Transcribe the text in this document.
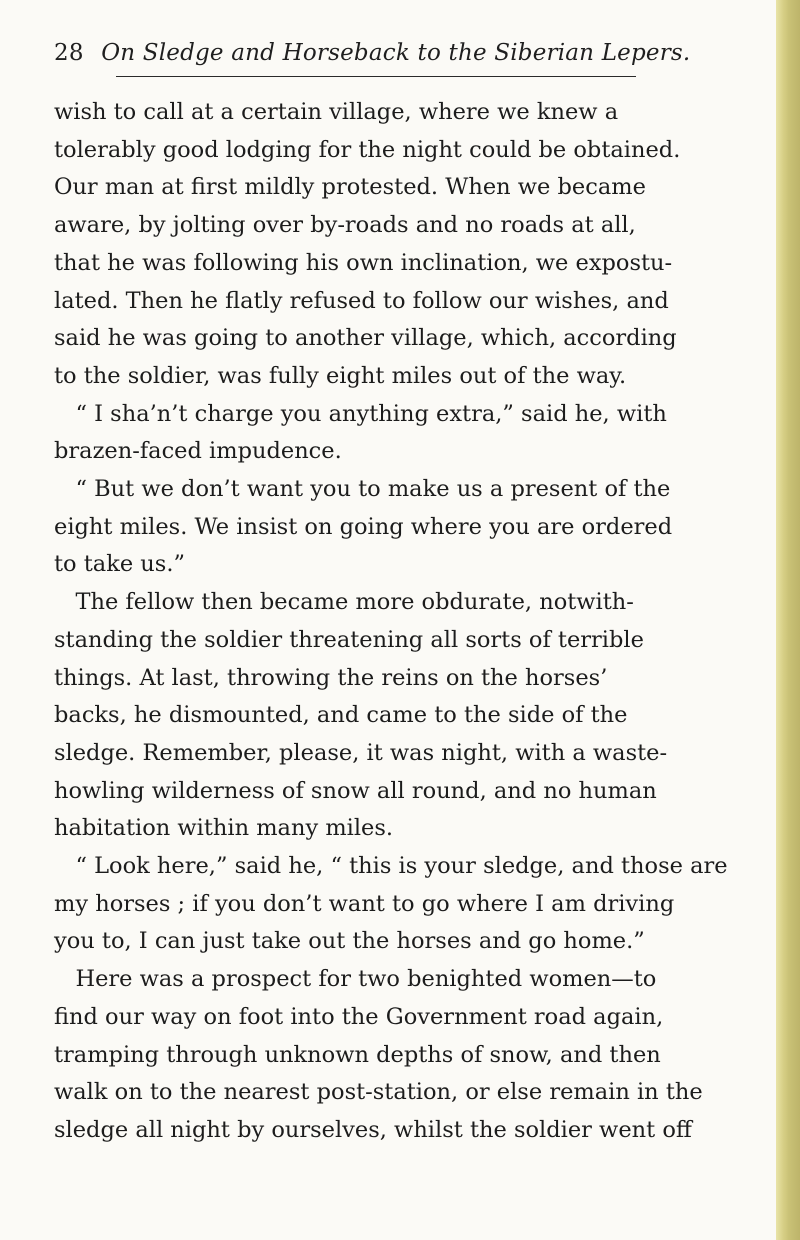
28 On Sledge and Horseback to the Siberian Lepers.
wish to call at a certain village, where we knew a
tolerably good lodging for the night could be obtained.
Our man at first mildly protested. When we became
aware, by jolting over by-roads and no roads at all,
that he was following his own inclination, we expostu-
lated. Then he flatly refused to follow our wishes, and
said he was going to another village, which, according
to the soldier, was fully eight miles out of the way.
“ I sha’n’t charge you anything extra,” said he, with
brazen-faced impudence.
“ But we don’t want you to make us a present of the
eight miles. We insist on going where you are ordered
to take us.”
The fellow then became more obdurate, notwith-
standing the soldier threatening all sorts of terrible
things. At last, throwing the reins on the horses’
backs, he dismounted, and came to the side of the
sledge. Remember, please, it was night, with a waste-
howling wilderness of snow all round, and no human
habitation within many miles.
“ Look here,” said he, “ this is your sledge, and those are
my horses ; if you don’t want to go where I am driving
you to, I can just take out the horses and go home.”
Here was a prospect for two benighted women—to
find our way on foot into the Government road again,
tramping through unknown depths of snow, and then
walk on to the nearest post-station, or else remain in the
sledge all night by ourselves, whilst the soldier went off
